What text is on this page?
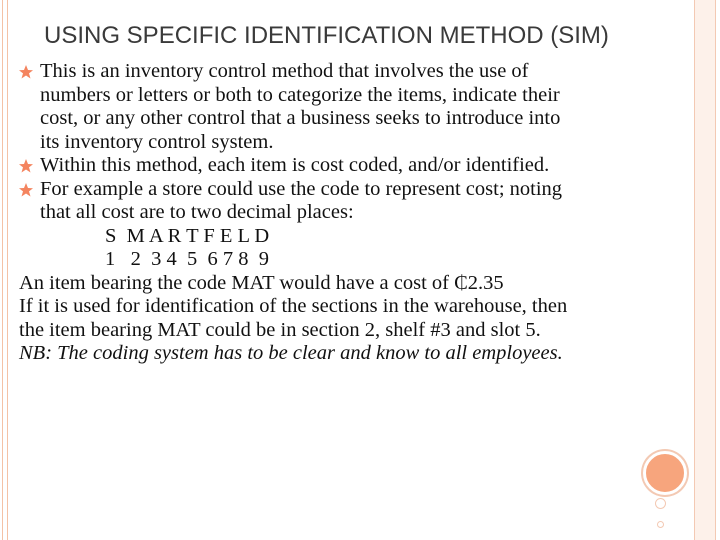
USING SPECIFIC IDENTIFICATION METHOD (SIM)
This is an inventory control method that involves the use of
numbers or letters or both to categorize the items, indicate their
cost, or any other control that a business seeks to introduce into
its inventory control system.
Within this method, each item is cost coded, and/or identified.
For example a store could use the code to represent cost; noting
that all cost are to two decimal places:
S  M A R T F E L D
1   2  3 4  5  6 7 8  9
An item bearing the code MAT would have a cost of ₵2.35
If it is used for identification of the sections in the warehouse, then
the item bearing MAT could be in section 2, shelf #3 and slot 5.
NB: The coding system has to be clear and know to all employees.
